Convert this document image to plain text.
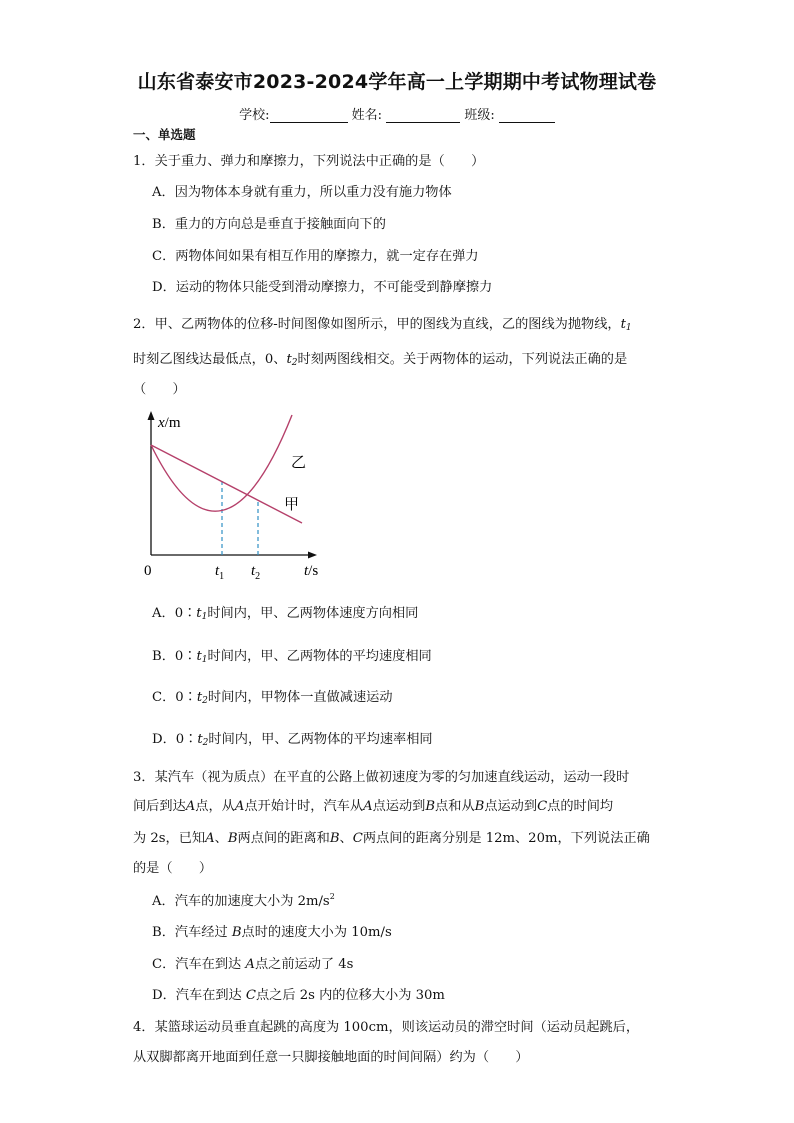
山东省泰安市2023-2024学年高一上学期期中考试物理试卷
学校:	姓名:	班级:
一、单选题
1．关于重力、弹力和摩擦力，下列说法中正确的是（　　）
A．因为物体本身就有重力，所以重力没有施力物体
B．重力的方向总是垂直于接触面向下的
C．两物体间如果有相互作用的摩擦力，就一定存在弹力
D．运动的物体只能受到滑动摩擦力，不可能受到静摩擦力
2．甲、乙两物体的位移-时间图像如图所示，甲的图线为直线，乙的图线为抛物线，$t_1$
时刻乙图线达最低点，0、$t_2$时刻两图线相交。关于两物体的运动，下列说法正确的是
（　　）
x/m
t/s
0	$t_1$ $t_2$
乙
甲
A．$0∶t_1$时间内，甲、乙两物体速度方向相同
B．$0∶t_1$时间内，甲、乙两物体的平均速度相同
C．$0∶t_2$时间内，甲物体一直做减速运动
D．$0∶t_2$时间内，甲、乙两物体的平均速率相同
3．某汽车（视为质点）在平直的公路上做初速度为零的匀加速直线运动，运动一段时
间后到达A点，从A点开始计时，汽车从A点运动到B点和从B点运动到C点的时间均
为 2s，已知A、B两点间的距离和B、C两点间的距离分别是 12m、20m，下列说法正确
的是（　　）
A．汽车的加速度大小为 $2m/s^2$
B．汽车经过 B点时的速度大小为 10m/s
C．汽车在到达 A点之前运动了 4s
D．汽车在到达 C点之后 2s 内的位移大小为 30m
4．某篮球运动员垂直起跳的高度为 100cm，则该运动员的滞空时间（运动员起跳后，
从双脚都离开地面到任意一只脚接触地面的时间间隔）约为（　　）
